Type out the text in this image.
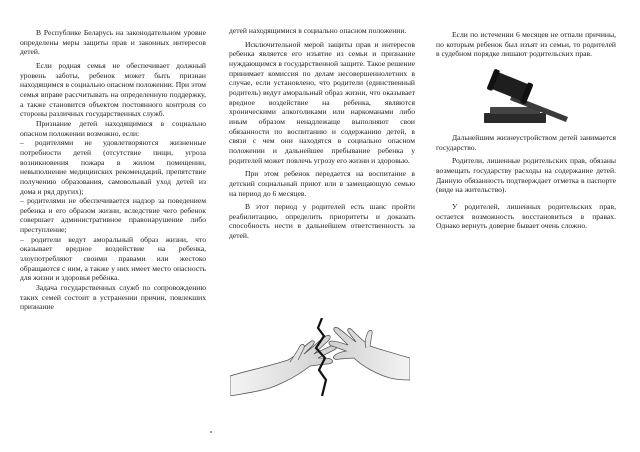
В Республике Беларусь на законодательном уровне определены меры защиты прав и законных интересов детей.

Если родная семья не обеспечивает должный уровень заботы, ребенок может быть признан находящимся в социально опасном положении. При этом семья вправе рассчитывать на определенную поддержку, а также становится объектом постоянного контроля со стороны различных государственных служб.

Признание детей находящимися в социально опасном положении возможно, если:

– родителями не удовлетворяются жизненные потребности детей (отсутствие пищи, угроза возникновения пожара в жилом помещении, невыполнение медицинских рекомендаций, препятствие получению образования, самовольный уход детей из дома и ряд других);

– родителями не обеспечивается надзор за поведением ребенка и его образом жизни, вследствие чего ребенок совершает административное правонарушение либо преступление;

– родители ведут аморальный образ жизни, что оказывает вредное воздействие на ребенка, злоупотребляют своими правами или жестоко обращаются с ним, а также у них имеет место опасность для жизни и здоровья ребёнка.

Задача государственных служб по сопровождению таких семей состоит в устранении причин, повлекших признание

детей находящимися в социально опасном положении.

Исключительной мерой защиты прав и интересов ребенка является его изъятие из семьи и признание нуждающимся в государственной защите. Такое решение принимает комиссия по делам несовершеннолетних в случае, если установлено, что родители (единственный родитель) ведут аморальный образ жизни, что оказывает вредное воздействие на ребенка, являются хроническими алкоголиками или наркоманами либо иным образом ненадлежаще выполняют свои обязанности по воспитанию и содержанию детей, в связи с чем они находятся в социально опасном положении и дальнейшее пребывание ребенка у родителей может повлечь угрозу его жизни и здоровью.

При этом ребенок передается на воспитание в детский социальный приют или в замещающую семью на период до 6 месяцев.

В этот период у родителей есть шанс пройти реабилитацию, определить приоритеты и доказать способность нести в дальнейшем ответственность за детей.

Если по истечении 6 месяцев не отпали причины, по которым ребенок был изъят из семьи, то родителей в судебном порядке лишают родительских прав.

Дальнейшим жизнеустройством детей занимается государство.

Родители, лишенные родительских прав, обязаны возмещать государству расходы на содержание детей. Данную обязанность подтверждает отметка в паспорте (виде на жительство).

У родителей, лишенных родительских прав, остается возможность восстановиться в правах. Однако вернуть доверие бывает очень сложно.
